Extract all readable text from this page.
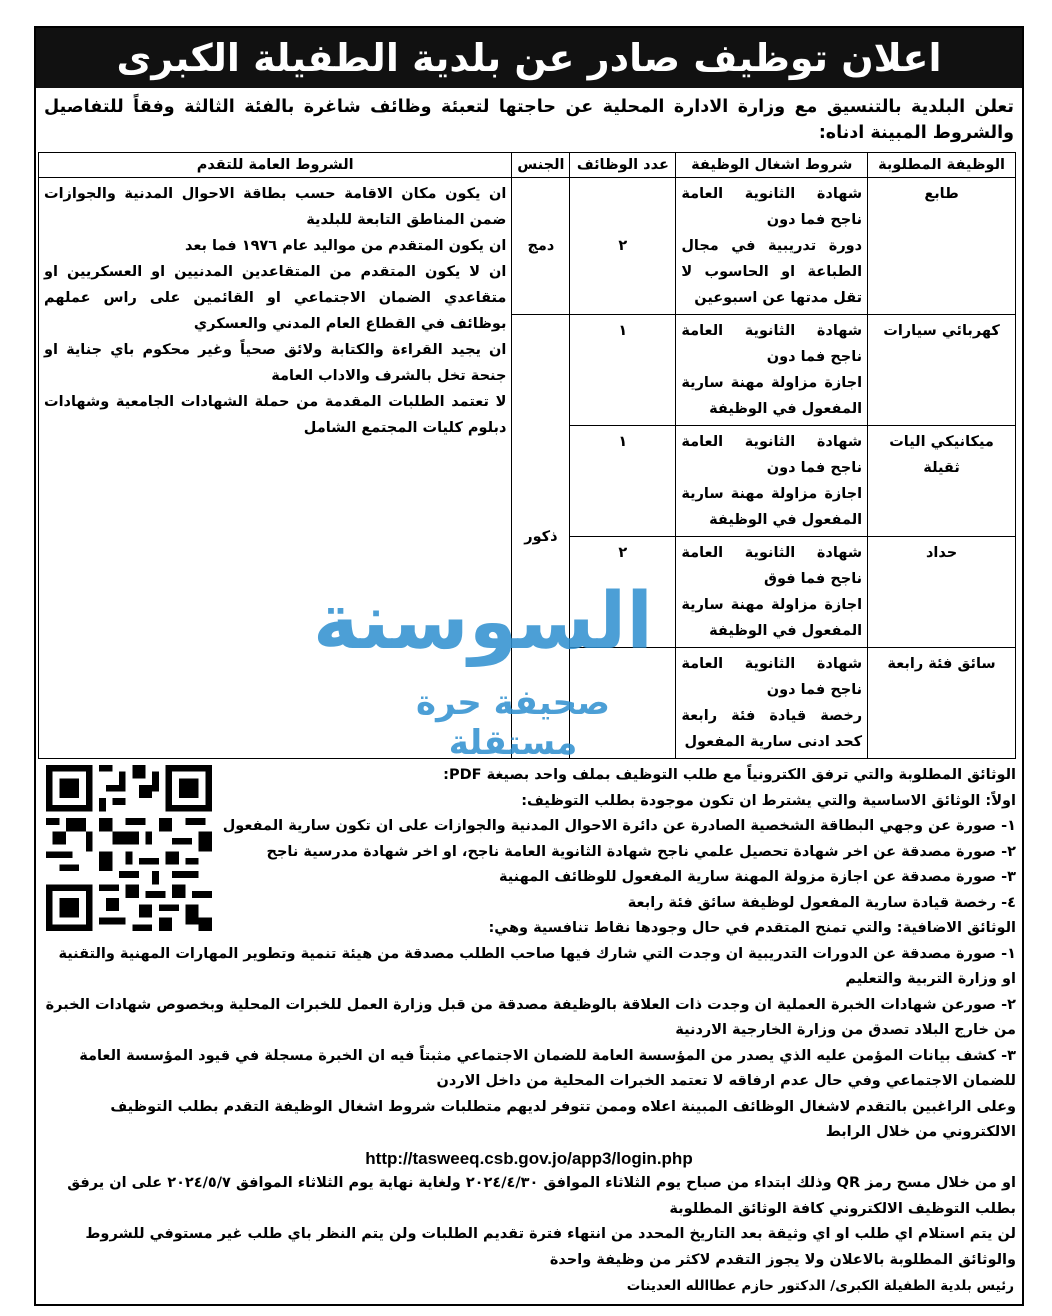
اعلان توظيف صادر عن بلدية الطفيلة الكبرى
تعلن البلدية بالتنسيق مع وزارة الادارة المحلية عن حاجتها لتعبئة وظائف شاغرة بالفئة الثالثة وفقاً للتفاصيل والشروط المبينة ادناه:
الوظيفة المطلوبة	شروط اشغال الوظيفة	عدد الوظائف	الجنس	الشروط العامة للتقدم
طابع	شهادة الثانوية العامة ناجح فما دون
دورة تدريبية في مجال الطباعة او الحاسوب لا تقل مدتها عن اسبوعين	٢	دمج	ان يكون مكان الاقامة حسب بطاقة الاحوال المدنية والجوازات ضمن المناطق التابعة للبلدية
ان يكون المتقدم من مواليد عام ١٩٧٦ فما بعد
ان لا يكون المتقدم من المتقاعدين المدنيين او العسكريين او متقاعدي الضمان الاجتماعي او القائمين على راس عملهم بوظائف في القطاع العام المدني والعسكري
ان يجيد القراءة والكتابة ولائق صحياً وغير محكوم باي جناية او جنحة تخل بالشرف والاداب العامة
لا تعتمد الطلبات المقدمة من حملة الشهادات الجامعية وشهادات دبلوم كليات المجتمع الشامل

كهربائي سيارات	شهادة الثانوية العامة ناجح فما دون
اجازة مزاولة مهنة سارية المفعول في الوظيفة	١	ذكور	
ميكانيكي اليات ثقيلة	شهادة الثانوية العامة ناجح فما دون
اجازة مزاولة مهنة سارية المفعول في الوظيفة	١		
حداد	شهادة الثانوية العامة ناجح فما فوق
اجازة مزاولة مهنة سارية المفعول في الوظيفة	٢		
سائق فئة رابعة	شهادة الثانوية العامة ناجح فما دون
رخصة قيادة فئة رابعة كحد ادنى سارية المفعول			

الوثائق المطلوبة والتي ترفق الكترونياً مع طلب التوظيف بملف واحد بصيغة PDF:
اولاً: الوثائق الاساسية والتي يشترط ان تكون موجودة بطلب التوظيف:
١- صورة عن وجهي البطاقة الشخصية الصادرة عن دائرة الاحوال المدنية والجوازات على ان تكون سارية المفعول
٢- صورة مصدقة عن اخر شهادة تحصيل علمي ناجح شهادة الثانوية العامة ناجح، او اخر شهادة مدرسية ناجح
٣- صورة مصدقة عن اجازة مزولة المهنة سارية المفعول للوظائف المهنية
٤- رخصة قيادة سارية المفعول لوظيفة سائق فئة رابعة
الوثائق الاضافية: والتي تمنح المتقدم في حال وجودها نقاط تنافسية وهي:
١- صورة مصدقة عن الدورات التدريبية ان وجدت التي شارك فيها صاحب الطلب مصدقة من هيئة تنمية وتطوير المهارات المهنية والتقنية او وزارة التربية والتعليم
٢- صورعن شهادات الخبرة العملية ان وجدت ذات العلاقة بالوظيفة مصدقة من قبل وزارة العمل للخبرات المحلية وبخصوص شهادات الخبرة من خارج البلاد تصدق من وزارة الخارجية الاردنية
٣- كشف بيانات المؤمن عليه الذي يصدر من المؤسسة العامة للضمان الاجتماعي مثبتاً فيه ان الخبرة مسجلة في قيود المؤسسة العامة للضمان الاجتماعي وفي حال عدم ارفاقه لا تعتمد الخبرات المحلية من داخل الاردن
وعلى الراغبين بالتقدم لاشغال الوظائف المبينة اعلاه وممن تتوفر لديهم متطلبات شروط اشغال الوظيفة التقدم بطلب التوظيف الالكتروني من خلال الرابط
http://tasweeq.csb.gov.jo/app3/login.php
او من خلال مسح رمز QR وذلك ابتداء من صباح يوم الثلاثاء الموافق ٢٠٢٤/٤/٣٠ ولغاية نهاية يوم الثلاثاء الموافق ٢٠٢٤/٥/٧ على ان يرفق بطلب التوظيف الالكتروني كافة الوثائق المطلوبة
لن يتم استلام اي طلب او اي وثيقة بعد التاريخ المحدد من انتهاء فترة تقديم الطلبات ولن يتم النظر باي طلب غير مستوفي للشروط والوثائق المطلوبة بالاعلان ولا يجوز التقدم لاكثر من وظيفة واحدة
رئيس بلدية الطفيلة الكبرى/ الدكتور حازم عطاالله العدينات
السوسنة
صحيفة حرة مستقلة
